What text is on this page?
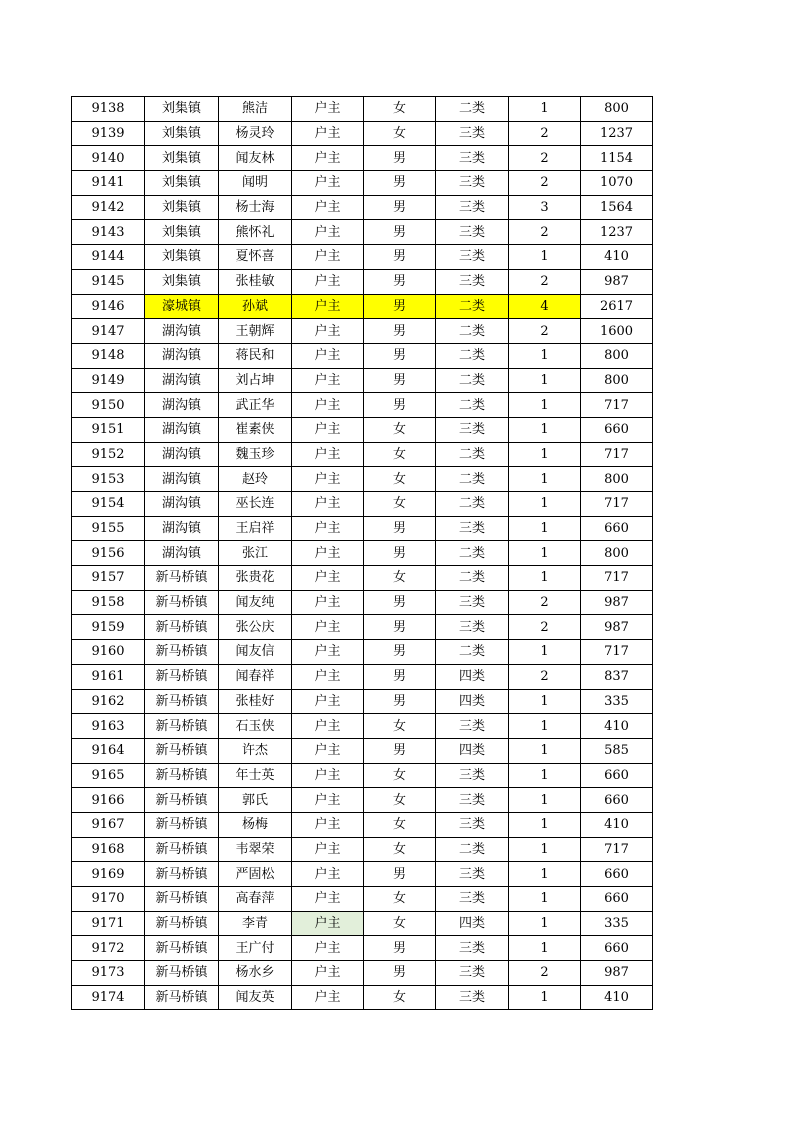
9138	刘集镇	熊洁	户主	女	二类	1	800
9139	刘集镇	杨灵玲	户主	女	三类	2	1237
9140	刘集镇	闻友林	户主	男	三类	2	1154
9141	刘集镇	闻明	户主	男	三类	2	1070
9142	刘集镇	杨士海	户主	男	三类	3	1564
9143	刘集镇	熊怀礼	户主	男	三类	2	1237
9144	刘集镇	夏怀喜	户主	男	三类	1	410
9145	刘集镇	张桂敏	户主	男	三类	2	987
9146	濠城镇	孙斌	户主	男	二类	4	2617
9147	湖沟镇	王朝辉	户主	男	二类	2	1600
9148	湖沟镇	蒋民和	户主	男	二类	1	800
9149	湖沟镇	刘占坤	户主	男	二类	1	800
9150	湖沟镇	武正华	户主	男	二类	1	717
9151	湖沟镇	崔素侠	户主	女	三类	1	660
9152	湖沟镇	魏玉珍	户主	女	二类	1	717
9153	湖沟镇	赵玲	户主	女	二类	1	800
9154	湖沟镇	巫长连	户主	女	二类	1	717
9155	湖沟镇	王启祥	户主	男	三类	1	660
9156	湖沟镇	张江	户主	男	二类	1	800
9157	新马桥镇	张贵花	户主	女	二类	1	717
9158	新马桥镇	闻友纯	户主	男	三类	2	987
9159	新马桥镇	张公庆	户主	男	三类	2	987
9160	新马桥镇	闻友信	户主	男	二类	1	717
9161	新马桥镇	闻春祥	户主	男	四类	2	837
9162	新马桥镇	张桂好	户主	男	四类	1	335
9163	新马桥镇	石玉侠	户主	女	三类	1	410
9164	新马桥镇	许杰	户主	男	四类	1	585
9165	新马桥镇	年士英	户主	女	三类	1	660
9166	新马桥镇	郭氏	户主	女	三类	1	660
9167	新马桥镇	杨梅	户主	女	三类	1	410
9168	新马桥镇	韦翠荣	户主	女	二类	1	717
9169	新马桥镇	严固松	户主	男	三类	1	660
9170	新马桥镇	高春萍	户主	女	三类	1	660
9171	新马桥镇	李青	户主	女	四类	1	335
9172	新马桥镇	王广付	户主	男	三类	1	660
9173	新马桥镇	杨水乡	户主	男	三类	2	987
9174	新马桥镇	闻友英	户主	女	三类	1	410
